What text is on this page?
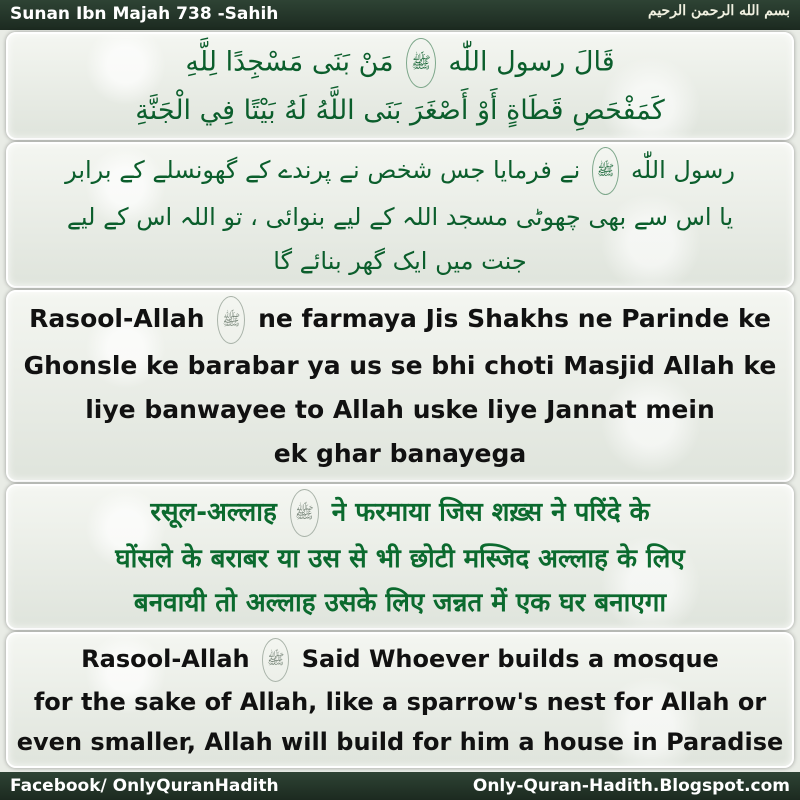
Sunan Ibn Majah 738 -Sahih	بسم الله الرحمن الرحيم
قَالَ رسول اللّٰه ﷺ مَنْ بَنَى مَسْجِدًا لِلَّهِ
كَمَفْحَصِ قَطَاةٍ أَوْ أَصْغَرَ بَنَى اللَّهُ لَهُ بَيْتًا فِي الْجَنَّةِ
رسول اللّٰه ﷺ نے فرمایا جس شخص نے پرندے کے گھونسلے کے برابر
یا اس سے بھی چھوٹی مسجد اللہ کے لیے بنوائی ، تو اللہ اس کے لیے
جنت میں ایک گھر بنائے گا
Rasool-Allah ﷺ ne farmaya Jis Shakhs ne Parinde ke
Ghonsle ke barabar ya us se bhi choti Masjid Allah ke
liye banwayee to Allah uske liye Jannat mein
ek ghar banayega
रसूल-अल्लाह ﷺ ने फरमाया जिस शख़्स ने परिंदे के
घोंसले के बराबर या उस से भी छोटी मस्जिद अल्लाह के लिए
बनवायी तो अल्लाह उसके लिए जन्नत में एक घर बनाएगा
Rasool-Allah ﷺ Said Whoever builds a mosque
for the sake of Allah, like a sparrow's nest for Allah or
even smaller, Allah will build for him a house in Paradise
Facebook/ OnlyQuranHadith	Only-Quran-Hadith.Blogspot.com
